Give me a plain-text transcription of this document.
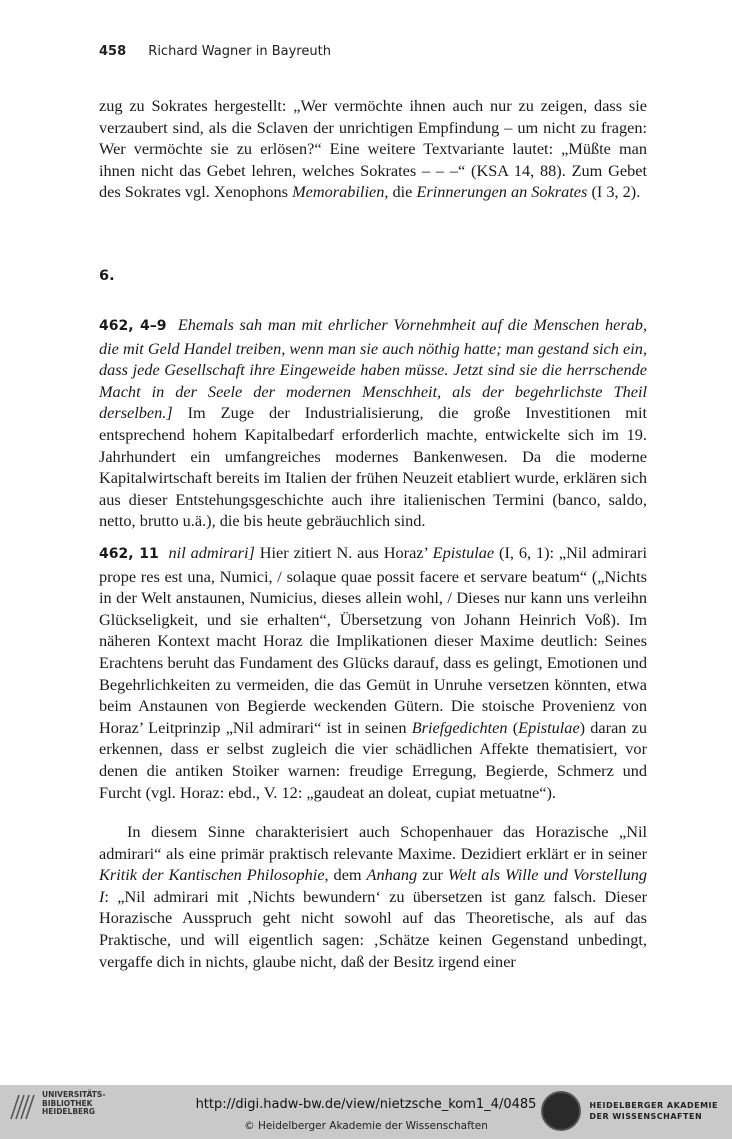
458 Richard Wagner in Bayreuth

zug zu Sokrates hergestellt: „Wer vermöchte ihnen auch nur zu zeigen, dass sie verzaubert sind, als die Sclaven der unrichtigen Empfindung – um nicht zu fragen: Wer vermöchte sie zu erlösen?“ Eine weitere Textvariante lautet: „Müßte man ihnen nicht das Gebet lehren, welches Sokrates – – –“ (KSA 14, 88). Zum Gebet des Sokrates vgl. Xenophons Memorabilien, die Erinnerungen an Sokrates (I 3, 2).

6.

462, 4–9 Ehemals sah man mit ehrlicher Vornehmheit auf die Menschen herab, die mit Geld Handel treiben, wenn man sie auch nöthig hatte; man gestand sich ein, dass jede Gesellschaft ihre Eingeweide haben müsse. Jetzt sind sie die herrschende Macht in der Seele der modernen Menschheit, als der begehrlichste Theil derselben.] Im Zuge der Industrialisierung, die große Investitionen mit entsprechend hohem Kapitalbedarf erforderlich machte, entwickelte sich im 19. Jahrhundert ein umfangreiches modernes Bankenwesen. Da die moderne Kapitalwirtschaft bereits im Italien der frühen Neuzeit etabliert wurde, erklären sich aus dieser Entstehungsgeschichte auch ihre italienischen Termini (banco, saldo, netto, brutto u.ä.), die bis heute gebräuchlich sind.

462, 11 nil admirari] Hier zitiert N. aus Horaz’ Epistulae (I, 6, 1): „Nil admirari prope res est una, Numici, / solaque quae possit facere et servare beatum“ („Nichts in der Welt anstaunen, Numicius, dieses allein wohl, / Dieses nur kann uns verleihn Glückseligkeit, und sie erhalten“, Übersetzung von Johann Heinrich Voß). Im näheren Kontext macht Horaz die Implikationen dieser Maxime deutlich: Seines Erachtens beruht das Fundament des Glücks darauf, dass es gelingt, Emotionen und Begehrlichkeiten zu vermeiden, die das Gemüt in Unruhe versetzen könnten, etwa beim Anstaunen von Begierde weckenden Gütern. Die stoische Provenienz von Horaz’ Leitprinzip „Nil admirari“ ist in seinen Briefgedichten (Epistulae) daran zu erkennen, dass er selbst zugleich die vier schädlichen Affekte thematisiert, vor denen die antiken Stoiker warnen: freudige Erregung, Begierde, Schmerz und Furcht (vgl. Horaz: ebd., V. 12: „gaudeat an doleat, cupiat metuatne“).

In diesem Sinne charakterisiert auch Schopenhauer das Horazische „Nil admirari“ als eine primär praktisch relevante Maxime. Dezidiert erklärt er in seiner Kritik der Kantischen Philosophie, dem Anhang zur Welt als Wille und Vorstellung I: „Nil admirari mit ‚Nichts bewundern‘ zu übersetzen ist ganz falsch. Dieser Horazische Ausspruch geht nicht sowohl auf das Theoretische, als auf das Praktische, und will eigentlich sagen: ‚Schätze keinen Gegenstand unbedingt, vergaffe dich in nichts, glaube nicht, daß der Besitz irgend einer

UNIVERSITÄTS-
BIBLIOTHEK
HEIDELBERG	http://digi.hadw-bw.de/view/nietzsche_kom1_4/0485
© Heidelberger Akademie der Wissenschaften
HEIDELBERGER AKADEMIE
DER WISSENSCHAFTEN
